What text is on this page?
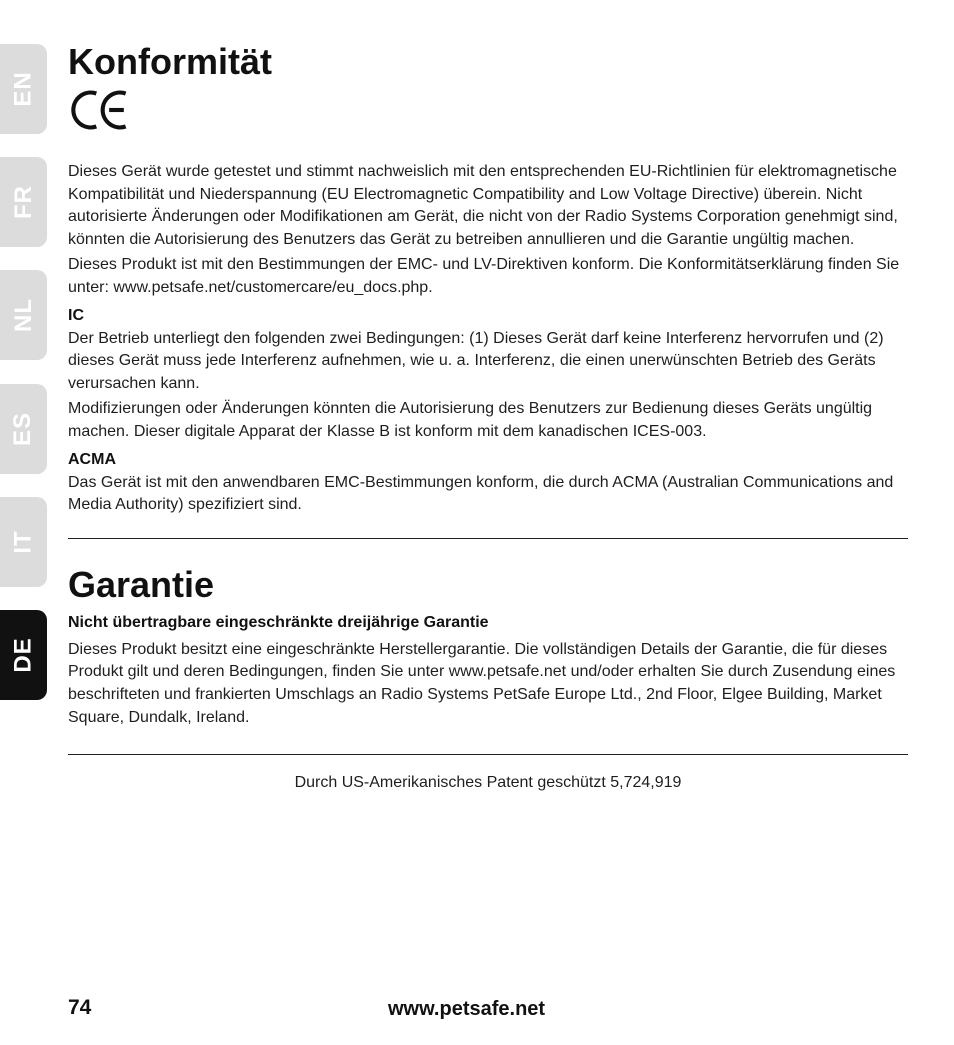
EN
FR
NL
ES
IT
DE
Konformität

Dieses Gerät wurde getestet und stimmt nachweislich mit den entsprechenden EU-Richtlinien für elektromagnetische Kompatibilität und Niederspannung (EU Electromagnetic Compatibility and Low Voltage Directive) überein. Nicht autorisierte Änderungen oder Modifikationen am Gerät, die nicht von der Radio Systems Corporation genehmigt sind, könnten die Autorisierung des Benutzers das Gerät zu betreiben annullieren und die Garantie ungültig machen.

Dieses Produkt ist mit den Bestimmungen der EMC- und LV-Direktiven konform. Die Konformitätserklärung finden Sie unter: www.petsafe.net/customercare/eu_docs.php.

IC

Der Betrieb unterliegt den folgenden zwei Bedingungen: (1) Dieses Gerät darf keine Interferenz hervorrufen und (2) dieses Gerät muss jede Interferenz aufnehmen, wie u. a. Interferenz, die einen unerwünschten Betrieb des Geräts verursachen kann.

Modifizierungen oder Änderungen könnten die Autorisierung des Benutzers zur Bedienung dieses Geräts ungültig machen. Dieser digitale Apparat der Klasse B ist konform mit dem kanadischen ICES-003.

ACMA

Das Gerät ist mit den anwendbaren EMC-Bestimmungen konform, die durch ACMA (Australian Communications and Media Authority) spezifiziert sind.

Garantie
Nicht übertragbare eingeschränkte dreijährige Garantie

Dieses Produkt besitzt eine eingeschränkte Herstellergarantie. Die vollständigen Details der Garantie, die für dieses Produkt gilt und deren Bedingungen, finden Sie unter www.petsafe.net und/oder erhalten Sie durch Zusendung eines beschrifteten und frankierten Umschlags an Radio Systems PetSafe Europe Ltd., 2nd Floor, Elgee Building, Market Square, Dundalk, Ireland.

Durch US-Amerikanisches Patent geschützt 5,724,919

74	www.petsafe.net
